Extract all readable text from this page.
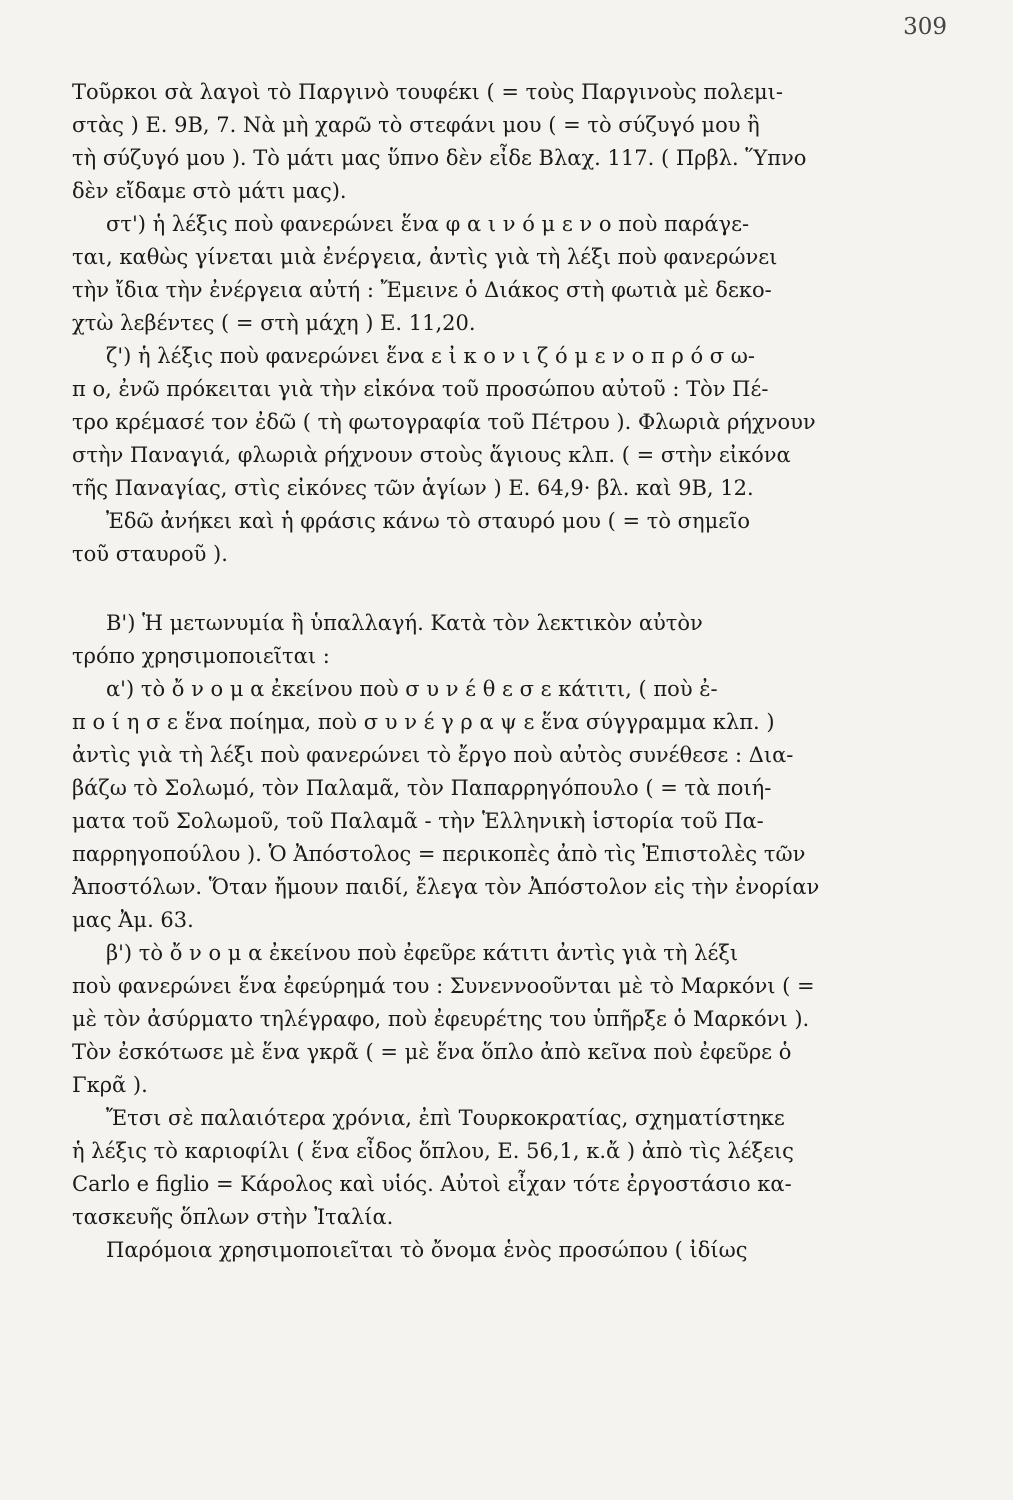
309
Τοῦρκοι σὰ λαγοὶ τὸ Παργινὸ τουφέκι ( = τοὺς Παργινοὺς πολεμι-
στὰς ) Ε. 9Β, 7. Νὰ μὴ χαρῶ τὸ στεφάνι μου ( = τὸ σύζυγό μου ἢ
τὴ σύζυγό μου ). Τὸ μάτι μας ὕπνο δὲν εἶδε Βλαχ. 117. ( Πρβλ. Ὕπνο
δὲν εἴδαμε στὸ μάτι μας).
στ') ἡ λέξις ποὺ φανερώνει ἕνα φ α ι ν ό μ ε ν ο ποὺ παράγε-
ται, καθὼς γίνεται μιὰ ἐνέργεια, ἀντὶς γιὰ τὴ λέξι ποὺ φανερώνει
τὴν ἴδια τὴν ἐνέργεια αὐτή : Ἔμεινε ὁ Διάκος στὴ φωτιὰ μὲ δεκο-
χτὼ λεβέντες ( = στὴ μάχη ) Ε. 11,20.
ζ') ἡ λέξις ποὺ φανερώνει ἕνα ε ἰ κ ο ν ι ζ ό μ ε ν ο π ρ ό σ ω-
π ο, ἐνῶ πρόκειται γιὰ τὴν εἰκόνα τοῦ προσώπου αὐτοῦ : Τὸν Πέ-
τρο κρέμασέ τον ἐδῶ ( τὴ φωτογραφία τοῦ Πέτρου ). Φλωριὰ ρήχνουν
στὴν Παναγιά, φλωριὰ ρήχνουν στοὺς ἅγιους κλπ. ( = στὴν εἰκόνα
τῆς Παναγίας, στὶς εἰκόνες τῶν ἁγίων ) Ε. 64,9· βλ. καὶ 9Β, 12.
Ἐδῶ ἀνήκει καὶ ἡ φράσις κάνω τὸ σταυρό μου ( = τὸ σημεῖο
τοῦ σταυροῦ ).
Β') Ἡ μετωνυμία ἢ ὑπαλλαγή. Κατὰ τὸν λεκτικὸν αὐτὸν
τρόπο χρησιμοποιεῖται :
α') τὸ ὄ ν ο μ α ἐκείνου ποὺ σ υ ν έ θ ε σ ε κάτιτι, ( ποὺ ἐ-
π ο ί η σ ε ἕνα ποίημα, ποὺ σ υ ν έ γ ρ α ψ ε ἕνα σύγγραμμα κλπ. )
ἀντὶς γιὰ τὴ λέξι ποὺ φανερώνει τὸ ἔργο ποὺ αὐτὸς συνέθεσε : Δια-
βάζω τὸ Σολωμό, τὸν Παλαμᾶ, τὸν Παπαρρηγόπουλο ( = τὰ ποιή-
ματα τοῦ Σολωμοῦ, τοῦ Παλαμᾶ - τὴν Ἑλληνικὴ ἱστορία τοῦ Πα-
παρρηγοπούλου ). Ὁ Ἀπόστολος = περικοπὲς ἀπὸ τὶς Ἐπιστολὲς τῶν
Ἀποστόλων. Ὅταν ἤμουν παιδί, ἔλεγα τὸν Ἀπόστολον εἰς τὴν ἐνορίαν
μας Ἀμ. 63.
β') τὸ ὄ ν ο μ α ἐκείνου ποὺ ἐφεῦρε κάτιτι ἀντὶς γιὰ τὴ λέξι
ποὺ φανερώνει ἕνα ἐφεύρημά του : Συνεννοοῦνται μὲ τὸ Μαρκόνι ( =
μὲ τὸν ἀσύρματο τηλέγραφο, ποὺ ἐφευρέτης του ὑπῆρξε ὁ Μαρκόνι ).
Τὸν ἐσκότωσε μὲ ἕνα γκρᾶ ( = μὲ ἕνα ὅπλο ἀπὸ κεῖνα ποὺ ἐφεῦρε ὁ
Γκρᾶ ).
Ἔτσι σὲ παλαιότερα χρόνια, ἐπὶ Τουρκοκρατίας, σχηματίστηκε
ἡ λέξις τὸ καριοφίλι ( ἕνα εἶδος ὅπλου, Ε. 56,1, κ.ἄ ) ἀπὸ τὶς λέξεις
Carlo e figlio = Κάρολος καὶ υἱός. Αὐτοὶ εἶχαν τότε ἐργοστάσιο κα-
τασκευῆς ὅπλων στὴν Ἰταλία.
Παρόμοια χρησιμοποιεῖται τὸ ὄνομα ἑνὸς προσώπου ( ἰδίως
